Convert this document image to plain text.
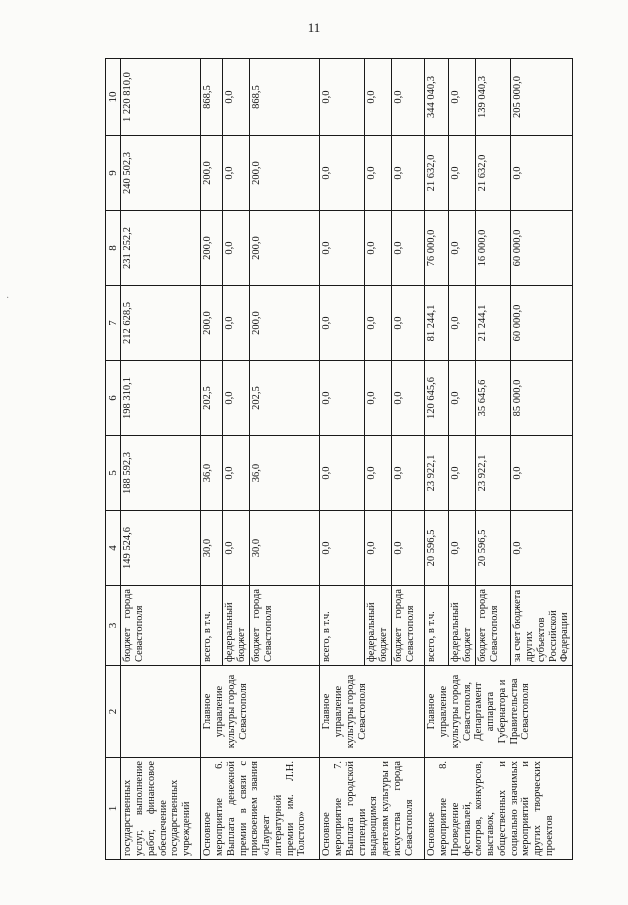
11
·
1	2	3	4	5	6	7	8	9	10
государственных услуг, выполнение работ, финансовое обеспечение государственных учреждений		бюджет города Севастополя	149 524,6	188 592,3	198 310,1	212 628,5	231 252,2	240 502,3	1 220 810,0
Основное мероприятие 6. Выплата денежной премии в связи с присвоением звания «Лауреат литературной премии им. Л.Н. Толстого»	Главное управление культуры города Севастополя	всего, в т.ч.	30,0	36,0	202,5	200,0	200,0	200,0	868,5
		федеральный бюджет	0,0	0,0	0,0	0,0	0,0	0,0	0,0
		бюджет города Севастополя	30,0	36,0	202,5	200,0	200,0	200,0	868,5
Основное мероприятие 7. Выплата городской стипендии выдающимся деятелям культуры и искусства города Севастополя	Главное управление культуры города Севастополя	всего, в т.ч.	0,0	0,0	0,0	0,0	0,0	0,0	0,0
		федеральный бюджет	0,0	0,0	0,0	0,0	0,0	0,0	0,0
		бюджет города Севастополя	0,0	0,0	0,0	0,0	0,0	0,0	0,0
Основное мероприятие 8. Проведение фестивалей, смотров, конкурсов, выставок, общественных и социально значимых мероприятий и других творческих проектов	Главное управление культуры города Севастополя, Департамент аппарата Губернатора и Правительства Севастополя	всего, в т.ч.	20 596,5	23 922,1	120 645,6	81 244,1	76 000,0	21 632,0	344 040,3
		федеральный бюджет	0,0	0,0	0,0	0,0	0,0	0,0	0,0
		бюджет города Севастополя	20 596,5	23 922,1	35 645,6	21 244,1	16 000,0	21 632,0	139 040,3
		за счет бюджета других субъектов Российской Федерации	0,0	0,0	85 000,0	60 000,0	60 000,0	0,0	205 000,0
